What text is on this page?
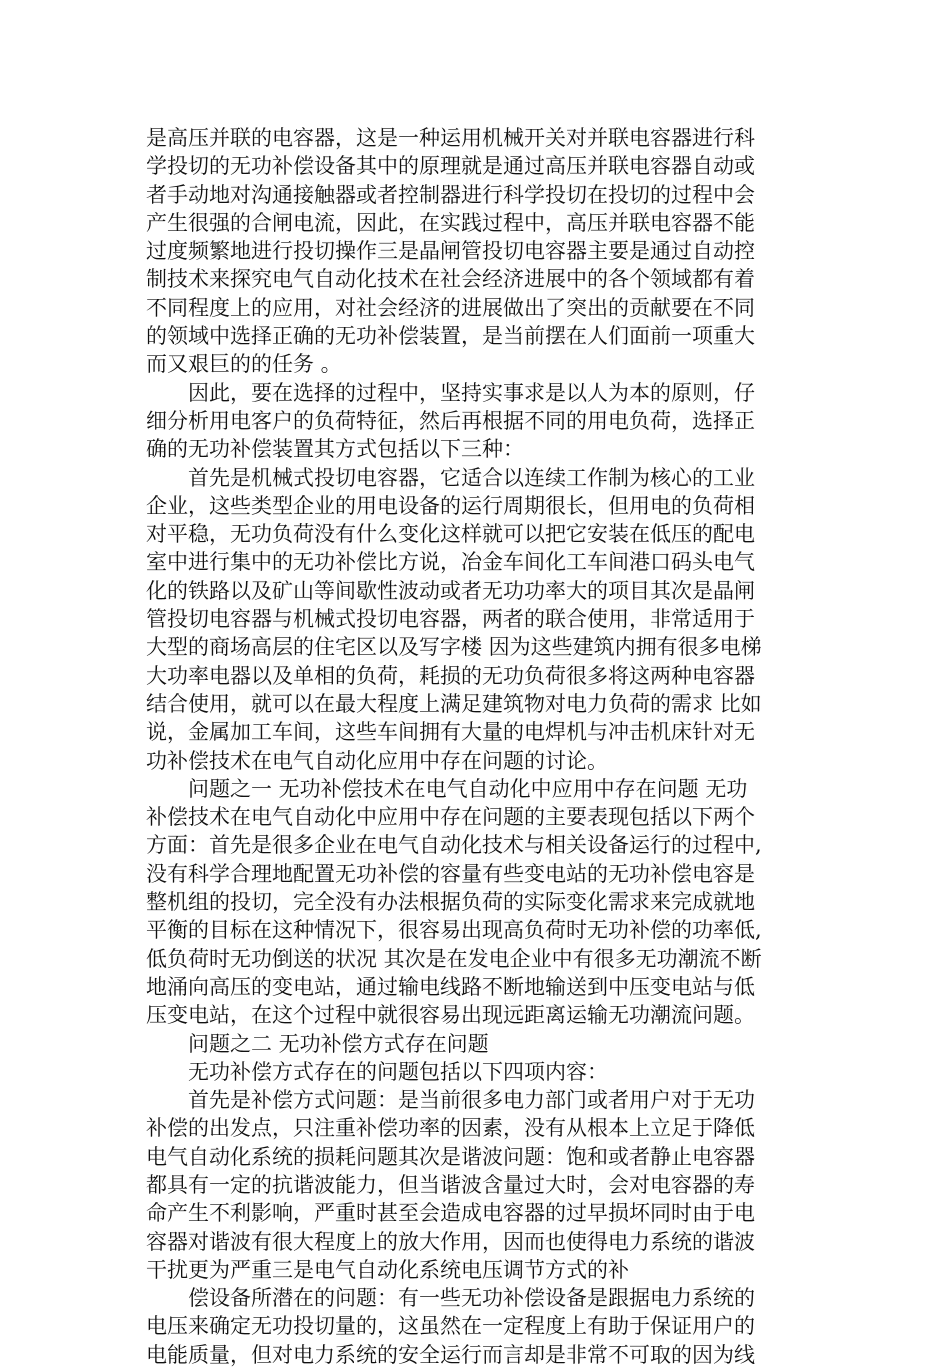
是高压并联的电容器，这是一种运用机械开关对并联电容器进行科
学投切的无功补偿设备其中的原理就是通过高压并联电容器自动或
者手动地对沟通接触器或者控制器进行科学投切在投切的过程中会
产生很强的合闸电流，因此，在实践过程中，高压并联电容器不能
过度频繁地进行投切操作三是晶闸管投切电容器主要是通过自动控
制技术来探究电气自动化技术在社会经济进展中的各个领域都有着
不同程度上的应用，对社会经济的进展做出了突出的贡献要在不同
的领域中选择正确的无功补偿装置，是当前摆在人们面前一项重大
而又艰巨的的任务 。
因此，要在选择的过程中，坚持实事求是以人为本的原则，仔
细分析用电客户的负荷特征，然后再根据不同的用电负荷，选择正
确的无功补偿装置其方式包括以下三种：
首先是机械式投切电容器，它适合以连续工作制为核心的工业
企业，这些类型企业的用电设备的运行周期很长，但用电的负荷相
对平稳，无功负荷没有什么变化这样就可以把它安装在低压的配电
室中进行集中的无功补偿比方说，冶金车间化工车间港口码头电气
化的铁路以及矿山等间歇性波动或者无功功率大的项目其次是晶闸
管投切电容器与机械式投切电容器，两者的联合使用，非常适用于
大型的商场高层的住宅区以及写字楼 因为这些建筑内拥有很多电梯
大功率电器以及单相的负荷，耗损的无功负荷很多将这两种电容器
结合使用，就可以在最大程度上满足建筑物对电力负荷的需求 比如
说，金属加工车间，这些车间拥有大量的电焊机与冲击机床针对无
功补偿技术在电气自动化应用中存在问题的讨论。
问题之一 无功补偿技术在电气自动化中应用中存在问题 无功
补偿技术在电气自动化中应用中存在问题的主要表现包括以下两个
方面：首先是很多企业在电气自动化技术与相关设备运行的过程中,
没有科学合理地配置无功补偿的容量有些变电站的无功补偿电容是
整机组的投切，完全没有办法根据负荷的实际变化需求来完成就地
平衡的目标在这种情况下，很容易出现高负荷时无功补偿的功率低,
低负荷时无功倒送的状况 其次是在发电企业中有很多无功潮流不断
地涌向高压的变电站，通过输电线路不断地输送到中压变电站与低
压变电站，在这个过程中就很容易出现远距离运输无功潮流问题。
问题之二 无功补偿方式存在问题
无功补偿方式存在的问题包括以下四项内容：
首先是补偿方式问题：是当前很多电力部门或者用户对于无功
补偿的出发点，只注重补偿功率的因素，没有从根本上立足于降低
电气自动化系统的损耗问题其次是谐波问题：饱和或者静止电容器
都具有一定的抗谐波能力，但当谐波含量过大时，会对电容器的寿
命产生不利影响，严重时甚至会造成电容器的过早损坏同时由于电
容器对谐波有很大程度上的放大作用，因而也使得电力系统的谐波
干扰更为严重三是电气自动化系统电压调节方式的补
偿设备所潜在的问题：有一些无功补偿设备是跟据电力系统的
电压来确定无功投切量的，这虽然在一定程度上有助于保证用户的
电能质量，但对电力系统的安全运行而言却是非常不可取的因为线
